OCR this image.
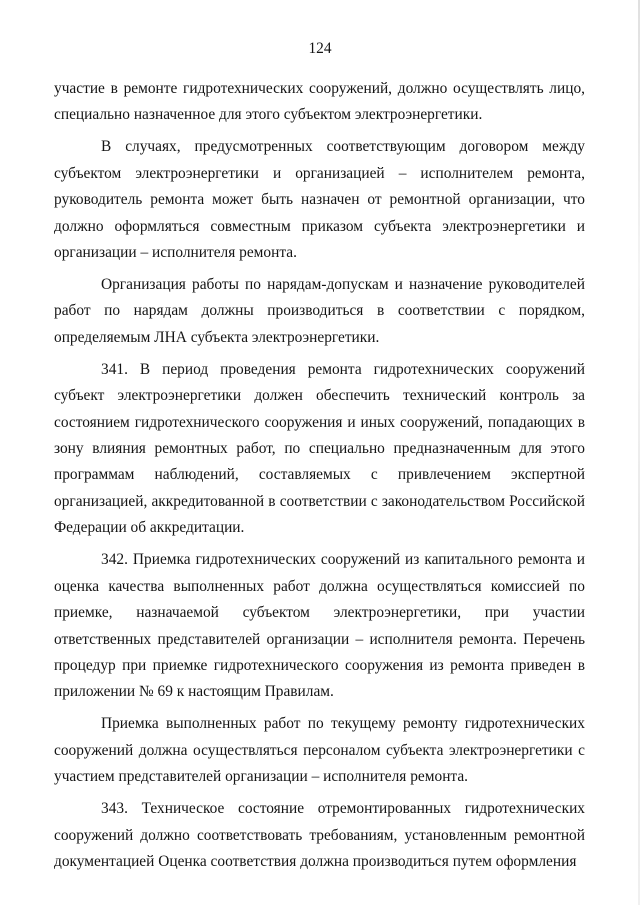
124

участие в ремонте гидротехнических сооружений, должно осуществлять лицо, специально назначенное для этого субъектом электроэнергетики.

В случаях, предусмотренных соответствующим договором между субъектом электроэнергетики и организацией – исполнителем ремонта, руководитель ремонта может быть назначен от ремонтной организации, что должно оформляться совместным приказом субъекта электроэнергетики и организации – исполнителя ремонта.

Организация работы по нарядам-допускам и назначение руководителей работ по нарядам должны производиться в соответствии с порядком, определяемым ЛНА субъекта электроэнергетики.

341. В период проведения ремонта гидротехнических сооружений субъект электроэнергетики должен обеспечить технический контроль за состоянием гидротехнического сооружения и иных сооружений, попадающих в зону влияния ремонтных работ, по специально предназначенным для этого программам наблюдений, составляемых с привлечением экспертной организацией, аккредитованной в соответствии с законодательством Российской Федерации об аккредитации.

342. Приемка гидротехнических сооружений из капитального ремонта и оценка качества выполненных работ должна осуществляться комиссией по приемке, назначаемой субъектом электроэнергетики, при участии ответственных представителей организации – исполнителя ремонта. Перечень процедур при приемке гидротехнического сооружения из ремонта приведен в приложении № 69 к настоящим Правилам.

Приемка выполненных работ по текущему ремонту гидротехнических сооружений должна осуществляться персоналом субъекта электроэнергетики с участием представителей организации – исполнителя ремонта.

343. Техническое состояние отремонтированных гидротехнических сооружений должно соответствовать требованиям, установленным ремонтной документацией Оценка соответствия должна производиться путем оформления
